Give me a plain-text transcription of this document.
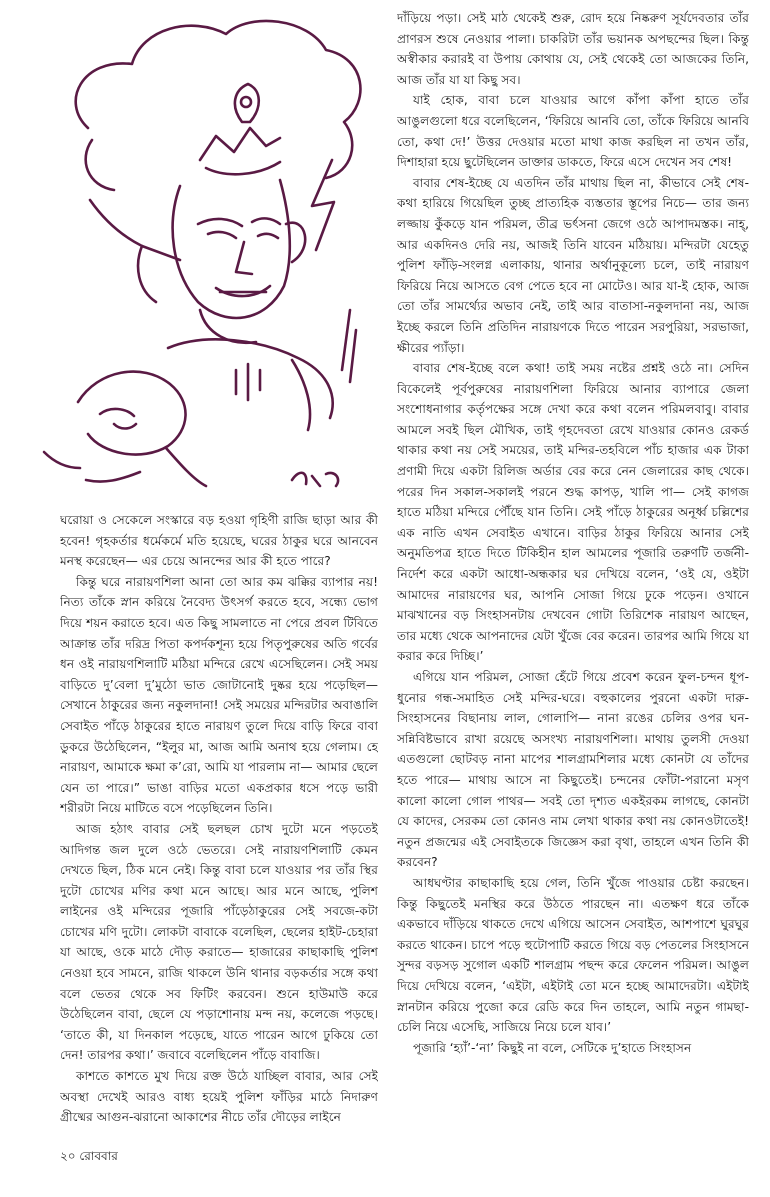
দাঁড়িয়ে পড়া। সেই মাঠ থেকেই শুরু, রোদ হয়ে নিষ্করুণ সূর্যদেবতার তাঁর প্রাণরস শুষে নেওয়ার পালা। চাকরিটা তাঁর ভয়ানক অপছন্দের ছিল। কিন্তু অস্বীকার করারই বা উপায় কোথায় যে, সেই থেকেই তো আজকের তিনি, আজ তাঁর যা যা কিছু সব।

যাই হোক, বাবা চলে যাওয়ার আগে কাঁপা কাঁপা হাতে তাঁর আঙুলগুলো ধরে বলেছিলেন, ‘ফিরিয়ে আনবি তো, তাঁকে ফিরিয়ে আনবি তো, কথা দে!’ উত্তর দেওয়ার মতো মাথা কাজ করছিল না তখন তাঁর, দিশাহারা হয়ে ছুটেছিলেন ডাক্তার ডাকতে, ফিরে এসে দেখেন সব শেষ!

বাবার শেষ-ইচ্ছে যে এতদিন তাঁর মাথায় ছিল না, কীভাবে সেই শেষ-কথা হারিয়ে গিয়েছিল তুচ্ছ প্রাত্যহিক ব্যস্ততার স্তূপের নিচে— তার জন্য লজ্জায় কুঁকড়ে যান পরিমল, তীব্র ভর্ৎসনা জেগে ওঠে আপাদমস্তক। নাহ্‌, আর একদিনও দেরি নয়, আজই তিনি যাবেন মঠিয়ায়। মন্দিরটা যেহেতু পুলিশ ফাঁড়ি-সংলগ্ন এলাকায়, থানার অর্থানুকূল্যে চলে, তাই নারায়ণ ফিরিয়ে নিয়ে আসতে বেগ পেতে হবে না মোটেও। আর যা-ই হোক, আজ তো তাঁর সামর্থ্যের অভাব নেই, তাই আর বাতাসা-নকুলদানা নয়, আজ ইচ্ছে করলে তিনি প্রতিদিন নারায়ণকে দিতে পারেন সরপুরিয়া, সরভাজা, ক্ষীরের প্যাঁড়া।

বাবার শেষ-ইচ্ছে বলে কথা! তাই সময় নষ্টের প্রশ্নই ওঠে না। সেদিন বিকেলেই পূর্বপুরুষের নারায়ণশিলা ফিরিয়ে আনার ব্যাপারে জেলা সংশোধনাগার কর্তৃপক্ষের সঙ্গে দেখা করে কথা বলেন পরিমলবাবু। বাবার আমলে সবই ছিল মৌখিক, তাই গৃহদেবতা রেখে যাওয়ার কোনও রেকর্ড থাকার কথা নয় সেই সময়ের, তাই মন্দির-তহবিলে পাঁচ হাজার এক টাকা প্রণামী দিয়ে একটা রিলিজ অর্ডার বের করে নেন জেলারের কাছ থেকে। পরের দিন সকাল-সকালই পরনে শুদ্ধ কাপড়, খালি পা— সেই কাগজ হাতে মঠিয়া মন্দিরে পৌঁছে যান তিনি। সেই পাঁড়ে ঠাকুরের অনূর্ধ্ব চল্লিশের এক নাতি এখন সেবাইত এখানে। বাড়ির ঠাকুর ফিরিয়ে আনার সেই অনুমতিপত্র হাতে দিতে টিকিহীন হাল আমলের পূজারি তরুণটি তর্জনী-নির্দেশ করে একটা আধো-অন্ধকার ঘর দেখিয়ে বলেন, ‘ওই যে, ওইটা আমাদের নারায়ণের ঘর, আপনি সোজা গিয়ে ঢুকে পড়েন। ওখানে মাঝখানের বড় সিংহাসনটায় দেখবেন গোটা তিরিশেক নারায়ণ আছেন, তার মধ্যে থেকে আপনাদের যেটা খুঁজে বের করেন। তারপর আমি গিয়ে যা করার করে দিচ্ছি।’

এগিয়ে যান পরিমল, সোজা হেঁটে গিয়ে প্রবেশ করেন ফুল-চন্দন ধূপ-ধুনোর গন্ধ-সমাহিত সেই মন্দির-ঘরে। বহুকালের পুরনো একটা দারু-সিংহাসনের বিছানায় লাল, গোলাপি— নানা রঙের চেলির ওপর ঘন-সন্নিবিষ্টভাবে রাখা রয়েছে অসংখ্য নারায়ণশিলা। মাথায় তুলসী দেওয়া এতগুলো ছোটবড় নানা মাপের শালগ্রামশিলার মধ্যে কোনটা যে তাঁদের হতে পারে— মাথায় আসে না কিছুতেই। চন্দনের ফোঁটা-পরানো মসৃণ কালো কালো গোল পাথর— সবই তো দৃশ্যত একইরকম লাগছে, কোনটা যে কাদের, সেরকম তো কোনও নাম লেখা থাকার কথা নয় কোনওটাতেই! নতুন প্রজন্মের এই সেবাইতকে জিজ্ঞেস করা বৃথা, তাহলে এখন তিনি কী করবেন?

আধঘণ্টার কাছাকাছি হয়ে গেল, তিনি খুঁজে পাওয়ার চেষ্টা করছেন। কিন্তু কিছুতেই মনস্থির করে উঠতে পারছেন না। এতক্ষণ ধরে তাঁকে একভাবে দাঁড়িয়ে থাকতে দেখে এগিয়ে আসেন সেবাইত, আশপাশে ঘুরঘুর করতে থাকেন। চাপে পড়ে হুটোপাটি করতে গিয়ে বড় পেতলের সিংহাসনে সুন্দর বড়সড় সুগোল একটি শালগ্রাম পছন্দ করে ফেলেন পরিমল। আঙুল দিয়ে দেখিয়ে বলেন, ‘এইটা, এইটাই তো মনে হচ্ছে আমাদেরটা। এইটাই স্নানটান করিয়ে পুজো করে রেডি করে দিন তাহলে, আমি নতুন গামছা-চেলি নিয়ে এসেছি, সাজিয়ে নিয়ে চলে যাব।’

পূজারি ‘হ্যাঁ’-‘না’ কিছুই না বলে, সেটিকে দু’হাতে সিংহাসন

ঘরোয়া ও সেকেলে সংস্কারে বড় হওয়া গৃহিণী রাজি ছাড়া আর কী হবেন! গৃহকর্তার ধর্মেকর্মে মতি হয়েছে, ঘরের ঠাকুর ঘরে আনবেন মনস্থ করেছেন— এর চেয়ে আনন্দের আর কী হতে পারে?

কিন্তু ঘরে নারায়ণশিলা আনা তো আর কম ঝক্কির ব্যাপার নয়! নিত্য তাঁকে স্নান করিয়ে নৈবেদ্য উৎসর্গ করতে হবে, সন্ধ্যে ভোগ দিয়ে শয়ন করাতে হবে। এত কিছু সামলাতে না পেরে প্রবল টিবিতে আক্রান্ত তাঁর দরিদ্র পিতা কপর্দকশূন্য হয়ে পিতৃপুরুষের অতি গর্বের ধন ওই নারায়ণশিলাটি মঠিয়া মন্দিরে রেখে এসেছিলেন। সেই সময় বাড়িতে দু’বেলা দু’মুঠো ভাত জোটানোই দুষ্কর হয়ে পড়েছিল— সেখানে ঠাকুরের জন্য নকুলদানা! সেই সময়ের মন্দিরটার অবাঙালি সেবাইত পাঁড়ে ঠাকুরের হাতে নারায়ণ তুলে দিয়ে বাড়ি ফিরে বাবা ডুকরে উঠেছিলেন, “ইলুর মা, আজ আমি অনাথ হয়ে গেলাম। হে নারায়ণ, আমাকে ক্ষমা ক’রো, আমি যা পারলাম না— আমার ছেলে যেন তা পারে।” ভাঙা বাড়ির মতো একপ্রকার ধসে পড়ে ভারী শরীরটা নিয়ে মাটিতে বসে পড়েছিলেন তিনি।

আজ হঠাৎ বাবার সেই ছলছল চোখ দুটো মনে পড়তেই আদিগন্ত জল দুলে ওঠে ভেতরে। সেই নারায়ণশিলাটি কেমন দেখতে ছিল, ঠিক মনে নেই। কিন্তু বাবা চলে যাওয়ার পর তাঁর স্থির দুটো চোখের মণির কথা মনে আছে। আর মনে আছে, পুলিশ লাইনের ওই মন্দিরের পূজারি পাঁড়েঠাকুরের সেই সবজে-কটা চোখের মণি দুটো। লোকটা বাবাকে বলেছিল, ছেলের হাইট-চেহারা যা আছে, ওকে মাঠে দৌড় করাতে— হাজারের কাছাকাছি পুলিশ নেওয়া হবে সামনে, রাজি থাকলে উনি থানার বড়কর্তার সঙ্গে কথা বলে ভেতর থেকে সব ফিটিং করবেন। শুনে হাউমাউ করে উঠেছিলেন বাবা, ছেলে যে পড়াশোনায় মন্দ নয়, কলেজে পড়ছে। ‘তাতে কী, যা দিনকাল পড়েছে, যাতে পারেন আগে ঢুকিয়ে তো দেন! তারপর কথা।’ জবাবে বলেছিলেন পাঁড়ে বাবাজি।

কাশতে কাশতে মুখ দিয়ে রক্ত উঠে যাচ্ছিল বাবার, আর সেই অবস্থা দেখেই আরও বাধ্য হয়েই পুলিশ ফাঁড়ির মাঠে নিদারুণ গ্রীষ্মের আগুন-ঝরানো আকাশের নীচে তাঁর দৌড়ের লাইনে

২০ রোববার
